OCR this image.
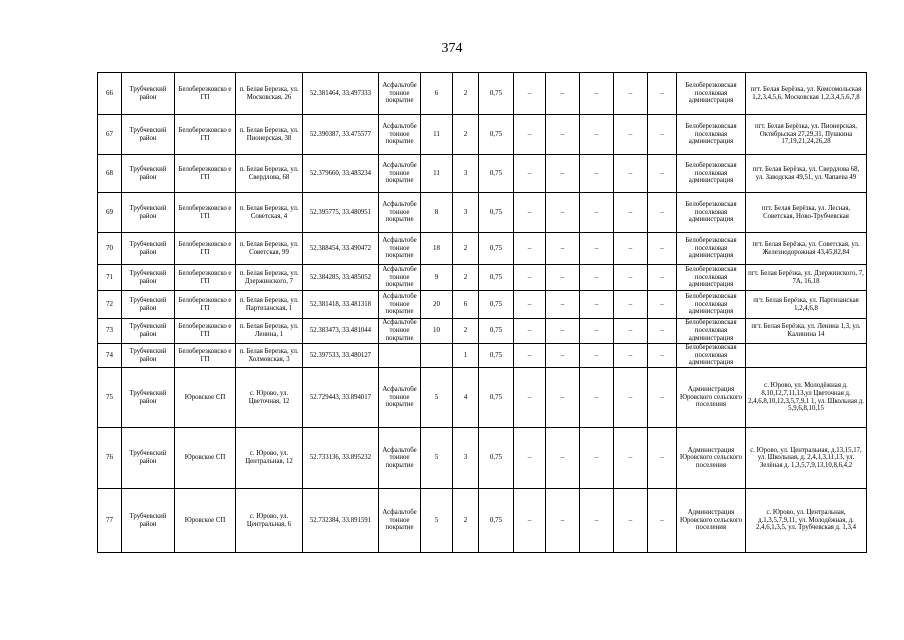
374
66	Трубчевский район	Белоберезковско е ГП	п. Белая Березка, ул. Московская, 26	52.381464, 33.497333	Асфальтобе тонное покрытие	6	2	0,75	–	–	–	–	–	Белоберезковская поселковая администрация	пгт. Белая Берёзка, ул. Комсомольская 1,2,3,4,5,6, Московская 1,2,3,4,5,6,7,8
67	Трубчевский район	Белоберезковско е ГП	п. Белая Березка, ул. Пионерская, 38	52.390387, 33.475577	Асфальтобе тонное покрытие	11	2	0,75	–	–	–	–	–	Белоберезковская поселковая администрация	пгт. Белая Берёзка, ул. Пионерская, Октябрьская 27,29,31, Пушкина 17,19,21,24,26,28
68	Трубчевский район	Белоберезковско е ГП	п. Белая Березка, ул. Свердлова, 68	52.379660, 33.483234	Асфальтобе тонное покрытие	11	3	0,75	–	–	–	–	–	Белоберезковская поселковая администрация	пгт. Белая Берёзка, ул. Свердлова 68, ул. Заводская 49,51, ул. Чапаева 49
69	Трубчевский район	Белоберезковско е ГП	п. Белая Березка, ул. Советская, 4	52.395775, 33.480951	Асфальтобе тонное покрытие	8	3	0,75	–	–	–	–	–	Белоберезковская поселковая администрация	пгт. Белая Берёзка, ул. Лесная, Советская, Ново-Трубчевская
70	Трубчевский район	Белоберезковско е ГП	п. Белая Березка, ул. Советская, 99	52.388454, 33.490472	Асфальтобе тонное покрытие	18	2	0,75	–	–	–	–	–	Белоберезковская поселковая администрация	пгт. Белая Берёзка, ул. Советская, ул. Железнодорожная 43,45,82,84
71	Трубчевский район	Белоберезковско е ГП	п. Белая Березка, ул. Дзержинского, 7	52.384285, 33.485052	Асфальтобе тонное покрытие	9	2	0,75	–	–	–	–	–	Белоберезковская поселковая администрация	пгт. Белая Берёзка, ул. Дзержинского, 7, 7А, 16,18
72	Трубчевский район	Белоберезковско е ГП	п. Белая Березка, ул. Партизанская, 1	52.381418, 33.481318	Асфальтобе тонное покрытие	20	6	0,75	–	–	–	–	–	Белоберезковская поселковая администрация	пгт. Белая Берёзка, ул. Партизанская 1,2,4,6,8
73	Трубчевский район	Белоберезковско е ГП	п. Белая Березка, ул. Ленина, 1	52.383473, 33.481044	Асфальтобе тонное покрытие	10	2	0,75	–	–	–	–	–	Белоберезковская поселковая администрация	пгт. Белая Берёзка, ул. Ленина 1,3, ул. Калинина 14
74	Трубчевский район	Белоберезковско е ГП	п. Белая Березка, ул. Холмовская, 3	52.397533, 33.480127			1	0,75	–	–	–	–	–	Белоберезковская поселковая администрация	
75	Трубчевский район	Юровское СП	с. Юрово, ул. Цветочная, 12	52.729443, 33.894017	Асфальтобе тонное покрытие	5	4	0,75	–	–	–	–	–	Администрация Юровского сельского поселения	с. Юрово, ул. Молодёжная д. 8,10,12,7,11,13,ул Цветочная д. 2,4,6,8,10,12,3,5,7,9,1 1, ул. Школьная д. 5,9,6,8,10,15
76	Трубчевский район	Юровское СП	с. Юрово, ул. Центральная, 12	52.733136, 33.895232	Асфальтобе тонное покрытие	5	3	0,75	–	–	–	–	–	Администрация Юровского сельского поселения	с. Юрово, ул. Центральная, д.13,15,17, ул. Школьная, д. 2,4,1,3,11,13, ул. Зелёная д. 1,3,5,7,9,13,10,8,6,4,2
77	Трубчевский район	Юровское СП	с. Юрово, ул. Центральная, 6	52.732384, 33.891591	Асфальтобе тонное покрытие	5	2	0,75	–	–	–	–	–	Администрация Юровского сельского поселения	с. Юрово, ул. Центральная, д.1,3,5,7,9,11, ул. Молодёжная, д. 2,4,6,1,3,5, ул. Трубчевская д. 1,3,4
